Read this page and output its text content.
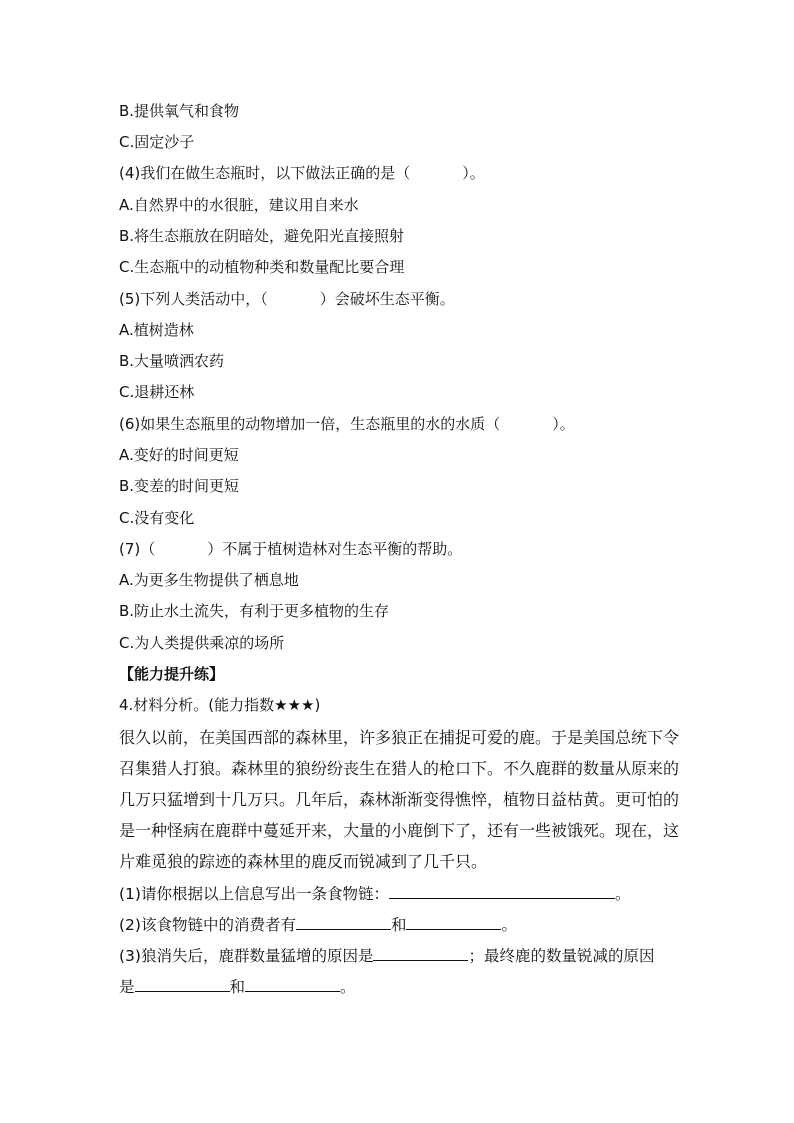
B.提供氧气和食物
C.固定沙子
(4)我们在做生态瓶时，以下做法正确的是（	）。
A.自然界中的水很脏，建议用自来水
B.将生态瓶放在阴暗处，避免阳光直接照射
C.生态瓶中的动植物种类和数量配比要合理
(5)下列人类活动中，（	）会破坏生态平衡。
A.植树造林
B.大量喷洒农药
C.退耕还林
(6)如果生态瓶里的动物增加一倍，生态瓶里的水的水质（	）。
A.变好的时间更短
B.变差的时间更短
C.没有变化
(7)（	）不属于植树造林对生态平衡的帮助。
A.为更多生物提供了栖息地
B.防止水土流失，有利于更多植物的生存
C.为人类提供乘凉的场所
【能力提升练】
4.材料分析。(能力指数★★★)
很久以前，在美国西部的森林里，许多狼正在捕捉可爱的鹿。于是美国总统下令
召集猎人打狼。森林里的狼纷纷丧生在猎人的枪口下。不久鹿群的数量从原来的
几万只猛增到十几万只。几年后，森林渐渐变得憔悴，植物日益枯黄。更可怕的
是一种怪病在鹿群中蔓延开来，大量的小鹿倒下了，还有一些被饿死。现在，这
片难觅狼的踪迹的森林里的鹿反而锐减到了几千只。
(1)请你根据以上信息写出一条食物链：	。
(2)该食物链中的消费者有	和	。
(3)狼消失后，鹿群数量猛增的原因是	；最终鹿的数量锐减的原因
是	和	。
